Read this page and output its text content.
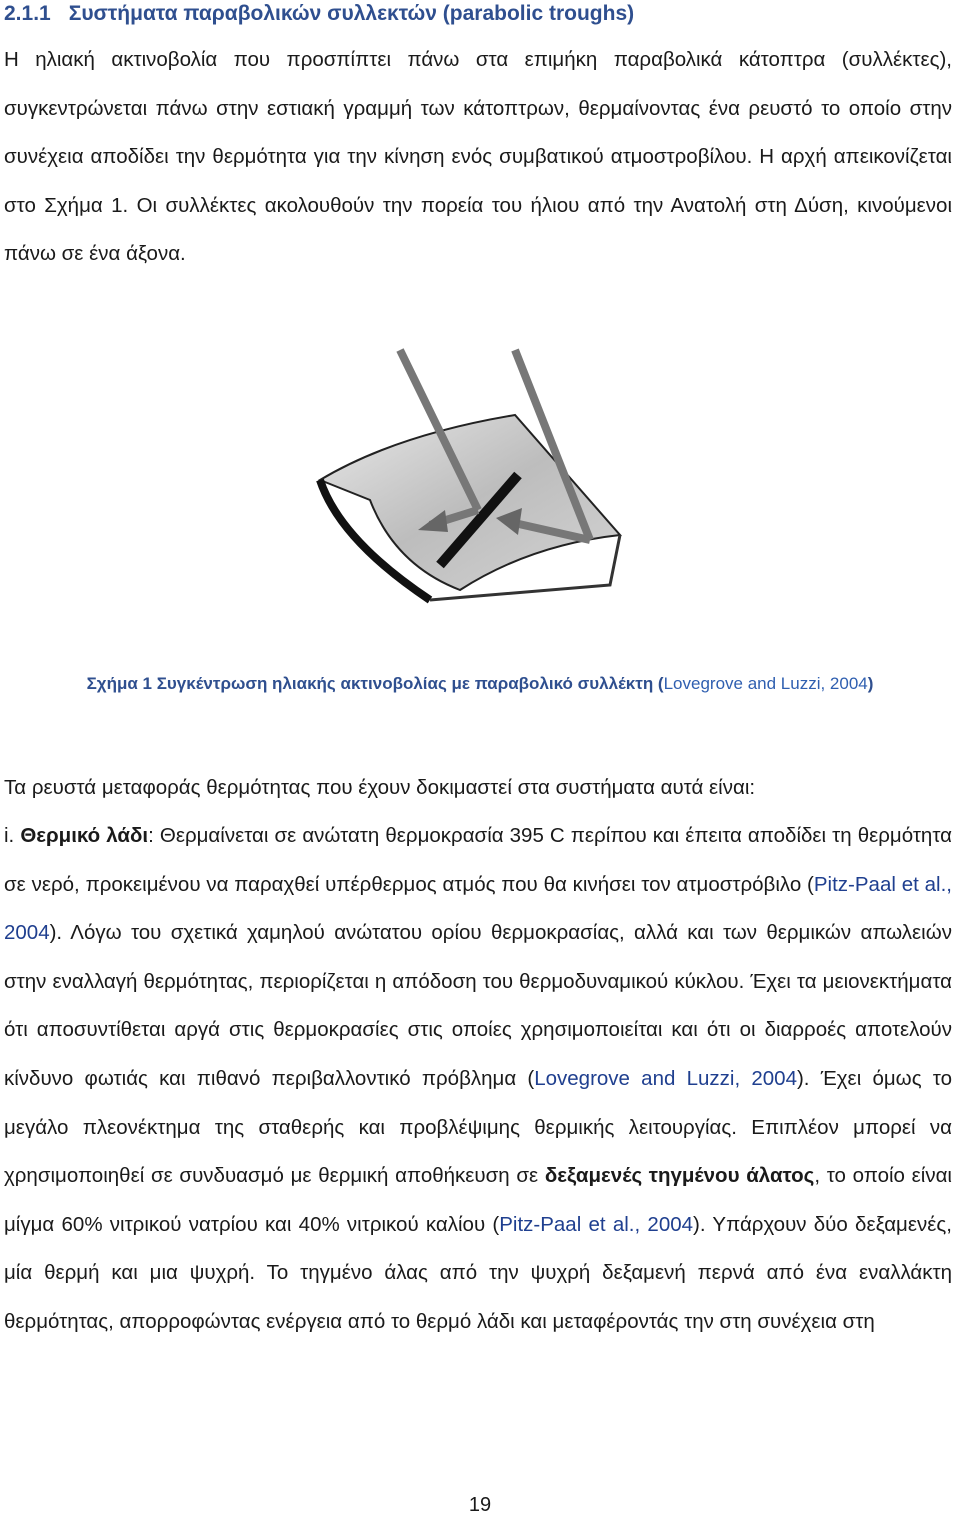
2.1.1 Συστήματα παραβολικών συλλεκτών (parabolic troughs)

Η ηλιακή ακτινοβολία που προσπίπτει πάνω στα επιμήκη παραβολικά κάτοπτρα (συλλέκτες), συγκεντρώνεται πάνω στην εστιακή γραμμή των κάτοπτρων, θερμαίνοντας ένα ρευστό το οποίο στην συνέχεια αποδίδει την θερμότητα για την κίνηση ενός συμβατικού ατμοστροβίλου. Η αρχή απεικονίζεται στο Σχήμα 1. Οι συλλέκτες ακολουθούν την πορεία του ήλιου από την Ανατολή στη Δύση, κινούμενοι πάνω σε ένα άξονα.

Σχήμα 1 Συγκέντρωση ηλιακής ακτινοβολίας με παραβολικό συλλέκτη (Lovegrove and Luzzi, 2004)

Τα ρευστά μεταφοράς θερμότητας που έχουν δοκιμαστεί στα συστήματα αυτά είναι:

i. Θερμικό λάδι: Θερμαίνεται σε ανώτατη θερμοκρασία 395 C περίπου και έπειτα αποδίδει τη θερμότητα σε νερό, προκειμένου να παραχθεί υπέρθερμος ατμός που θα κινήσει τον ατμοστρόβιλο (Pitz-Paal et al., 2004). Λόγω του σχετικά χαμηλού ανώτατου ορίου θερμοκρασίας, αλλά και των θερμικών απωλειών στην εναλλαγή θερμότητας, περιορίζεται η απόδοση του θερμοδυναμικού κύκλου. Έχει τα μειονεκτήματα ότι αποσυντίθεται αργά στις θερμοκρασίες στις οποίες χρησιμοποιείται και ότι οι διαρροές αποτελούν κίνδυνο φωτιάς και πιθανό περιβαλλοντικό πρόβλημα (Lovegrove and Luzzi, 2004). Έχει όμως το μεγάλο πλεονέκτημα της σταθερής και προβλέψιμης θερμικής λειτουργίας. Επιπλέον μπορεί να χρησιμοποιηθεί σε συνδυασμό με θερμική αποθήκευση σε δεξαμενές τηγμένου άλατος, το οποίο είναι μίγμα 60% νιτρικού νατρίου και 40% νιτρικού καλίου (Pitz-Paal et al., 2004). Υπάρχουν δύο δεξαμενές, μία θερμή και μια ψυχρή. Το τηγμένο άλας από την ψυχρή δεξαμενή περνά από ένα εναλλάκτη θερμότητας, απορροφώντας ενέργεια από το θερμό λάδι και μεταφέροντάς την στη συνέχεια στη

19
